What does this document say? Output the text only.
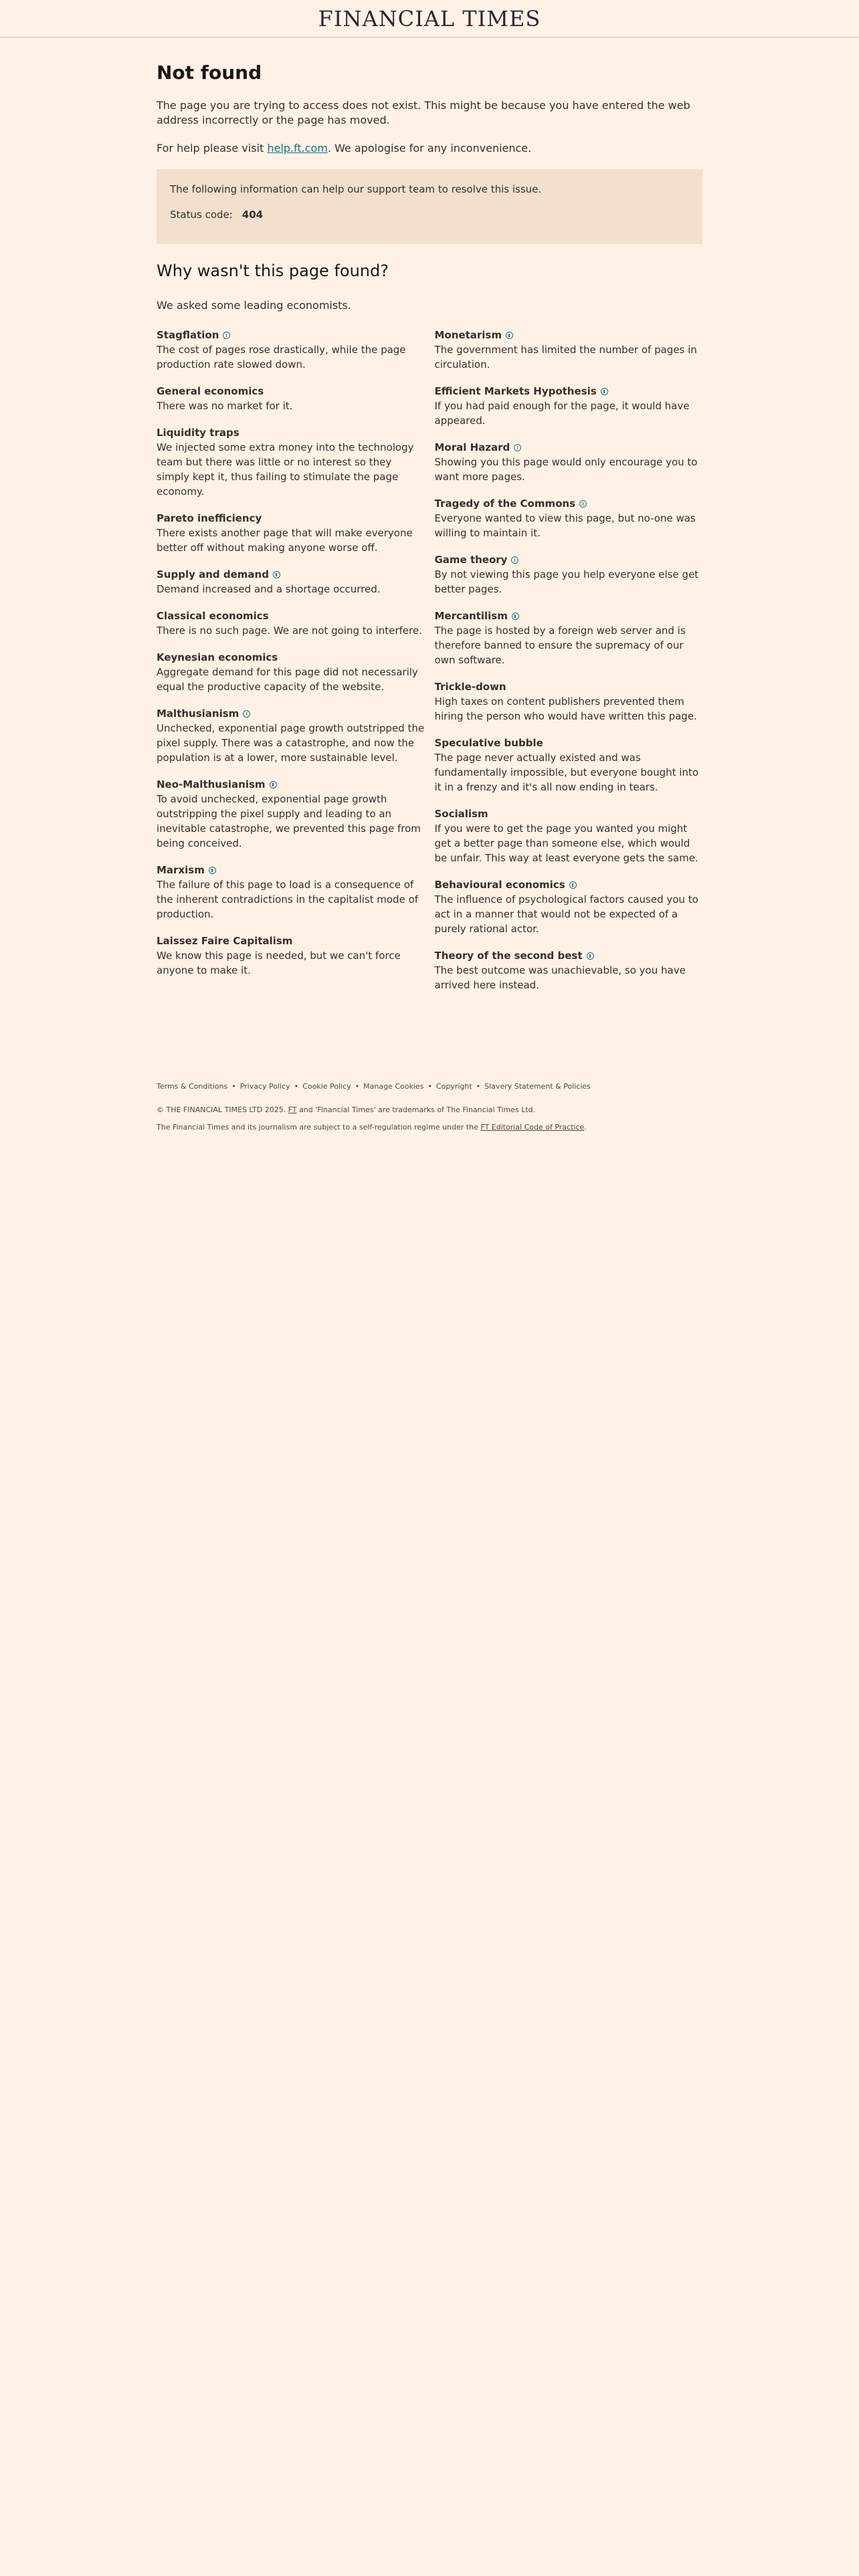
FINANCIAL TIMES
Not found

The page you are trying to access does not exist. This might be because you have entered the web address incorrectly or the page has moved.

For help please visit help.ft.com. We apologise for any inconvenience.

The following information can help our support team to resolve this issue.

Status code: 404

Why wasn't this page found?

We asked some leading economists.

Stagflation

The cost of pages rose drastically, while the page production rate slowed down.

General economics

There was no market for it.

Liquidity traps

We injected some extra money into the technology team but there was little or no interest so they simply kept it, thus failing to stimulate the page economy.

Pareto inefficiency

There exists another page that will make everyone better off without making anyone worse off.

Supply and demand

Demand increased and a shortage occurred.

Classical economics

There is no such page. We are not going to interfere.

Keynesian economics

Aggregate demand for this page did not necessarily equal the productive capacity of the website.

Malthusianism

Unchecked, exponential page growth outstripped the pixel supply. There was a catastrophe, and now the population is at a lower, more sustainable level.

Neo-Malthusianism

To avoid unchecked, exponential page growth outstripping the pixel supply and leading to an inevitable catastrophe, we prevented this page from being conceived.

Marxism

The failure of this page to load is a consequence of the inherent contradictions in the capitalist mode of production.

Laissez Faire Capitalism

We know this page is needed, but we can't force anyone to make it.

Monetarism

The government has limited the number of pages in circulation.

Efficient Markets Hypothesis

If you had paid enough for the page, it would have appeared.

Moral Hazard

Showing you this page would only encourage you to want more pages.

Tragedy of the Commons

Everyone wanted to view this page, but no-one was willing to maintain it.

Game theory

By not viewing this page you help everyone else get better pages.

Mercantilism

The page is hosted by a foreign web server and is therefore banned to ensure the supremacy of our own software.

Trickle-down

High taxes on content publishers prevented them hiring the person who would have written this page.

Speculative bubble

The page never actually existed and was fundamentally impossible, but everyone bought into it in a frenzy and it's all now ending in tears.

Socialism

If you were to get the page you wanted you might get a better page than someone else, which would be unfair. This way at least everyone gets the same.

Behavioural economics

The influence of psychological factors caused you to act in a manner that would not be expected of a purely rational actor.

Theory of the second best

The best outcome was unachievable, so you have arrived here instead.

Terms & Conditions • Privacy Policy • Cookie Policy • Manage Cookies • Copyright • Slavery Statement & Policies

© THE FINANCIAL TIMES LTD 2025. FT and 'Financial Times' are trademarks of The Financial Times Ltd.

The Financial Times and its journalism are subject to a self-regulation regime under the FT Editorial Code of Practice.
